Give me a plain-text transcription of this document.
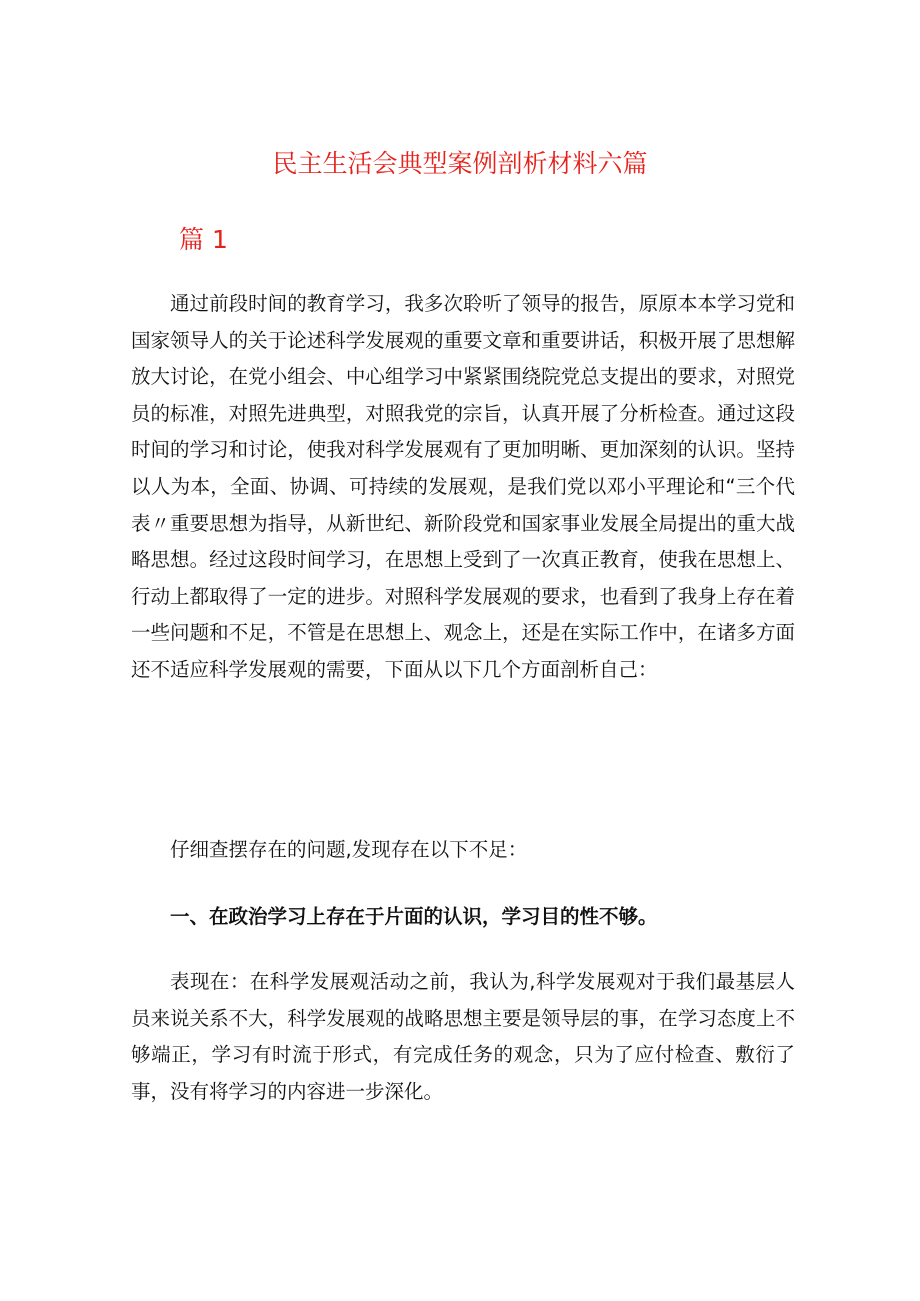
民主生活会典型案例剖析材料六篇
篇 1

通过前段时间的教育学习，我多次聆听了领导的报告，原原本本学习党和国家领导人的关于论述科学发展观的重要文章和重要讲话，积极开展了思想解放大讨论，在党小组会、中心组学习中紧紧围绕院党总支提出的要求，对照党员的标准，对照先进典型，对照我党的宗旨，认真开展了分析检查。通过这段时间的学习和讨论，使我对科学发展观有了更加明晰、更加深刻的认识。坚持以人为本，全面、协调、可持续的发展观，是我们党以邓小平理论和“三个代表〃重要思想为指导，从新世纪、新阶段党和国家事业发展全局提出的重大战略思想。经过这段时间学习，在思想上受到了一次真正教育，使我在思想上、行动上都取得了一定的进步。对照科学发展观的要求，也看到了我身上存在着一些问题和不足，不管是在思想上、观念上，还是在实际工作中，在诸多方面还不适应科学发展观的需要，下面从以下几个方面剖析自己：

仔细查摆存在的问题,发现存在以下不足：

一、在政治学习上存在于片面的认识，学习目的性不够。

表现在：在科学发展观活动之前，我认为,科学发展观对于我们最基层人员来说关系不大，科学发展观的战略思想主要是领导层的事，在学习态度上不够端正，学习有时流于形式，有完成任务的观念，只为了应付检查、敷衍了事，没有将学习的内容进一步深化。
